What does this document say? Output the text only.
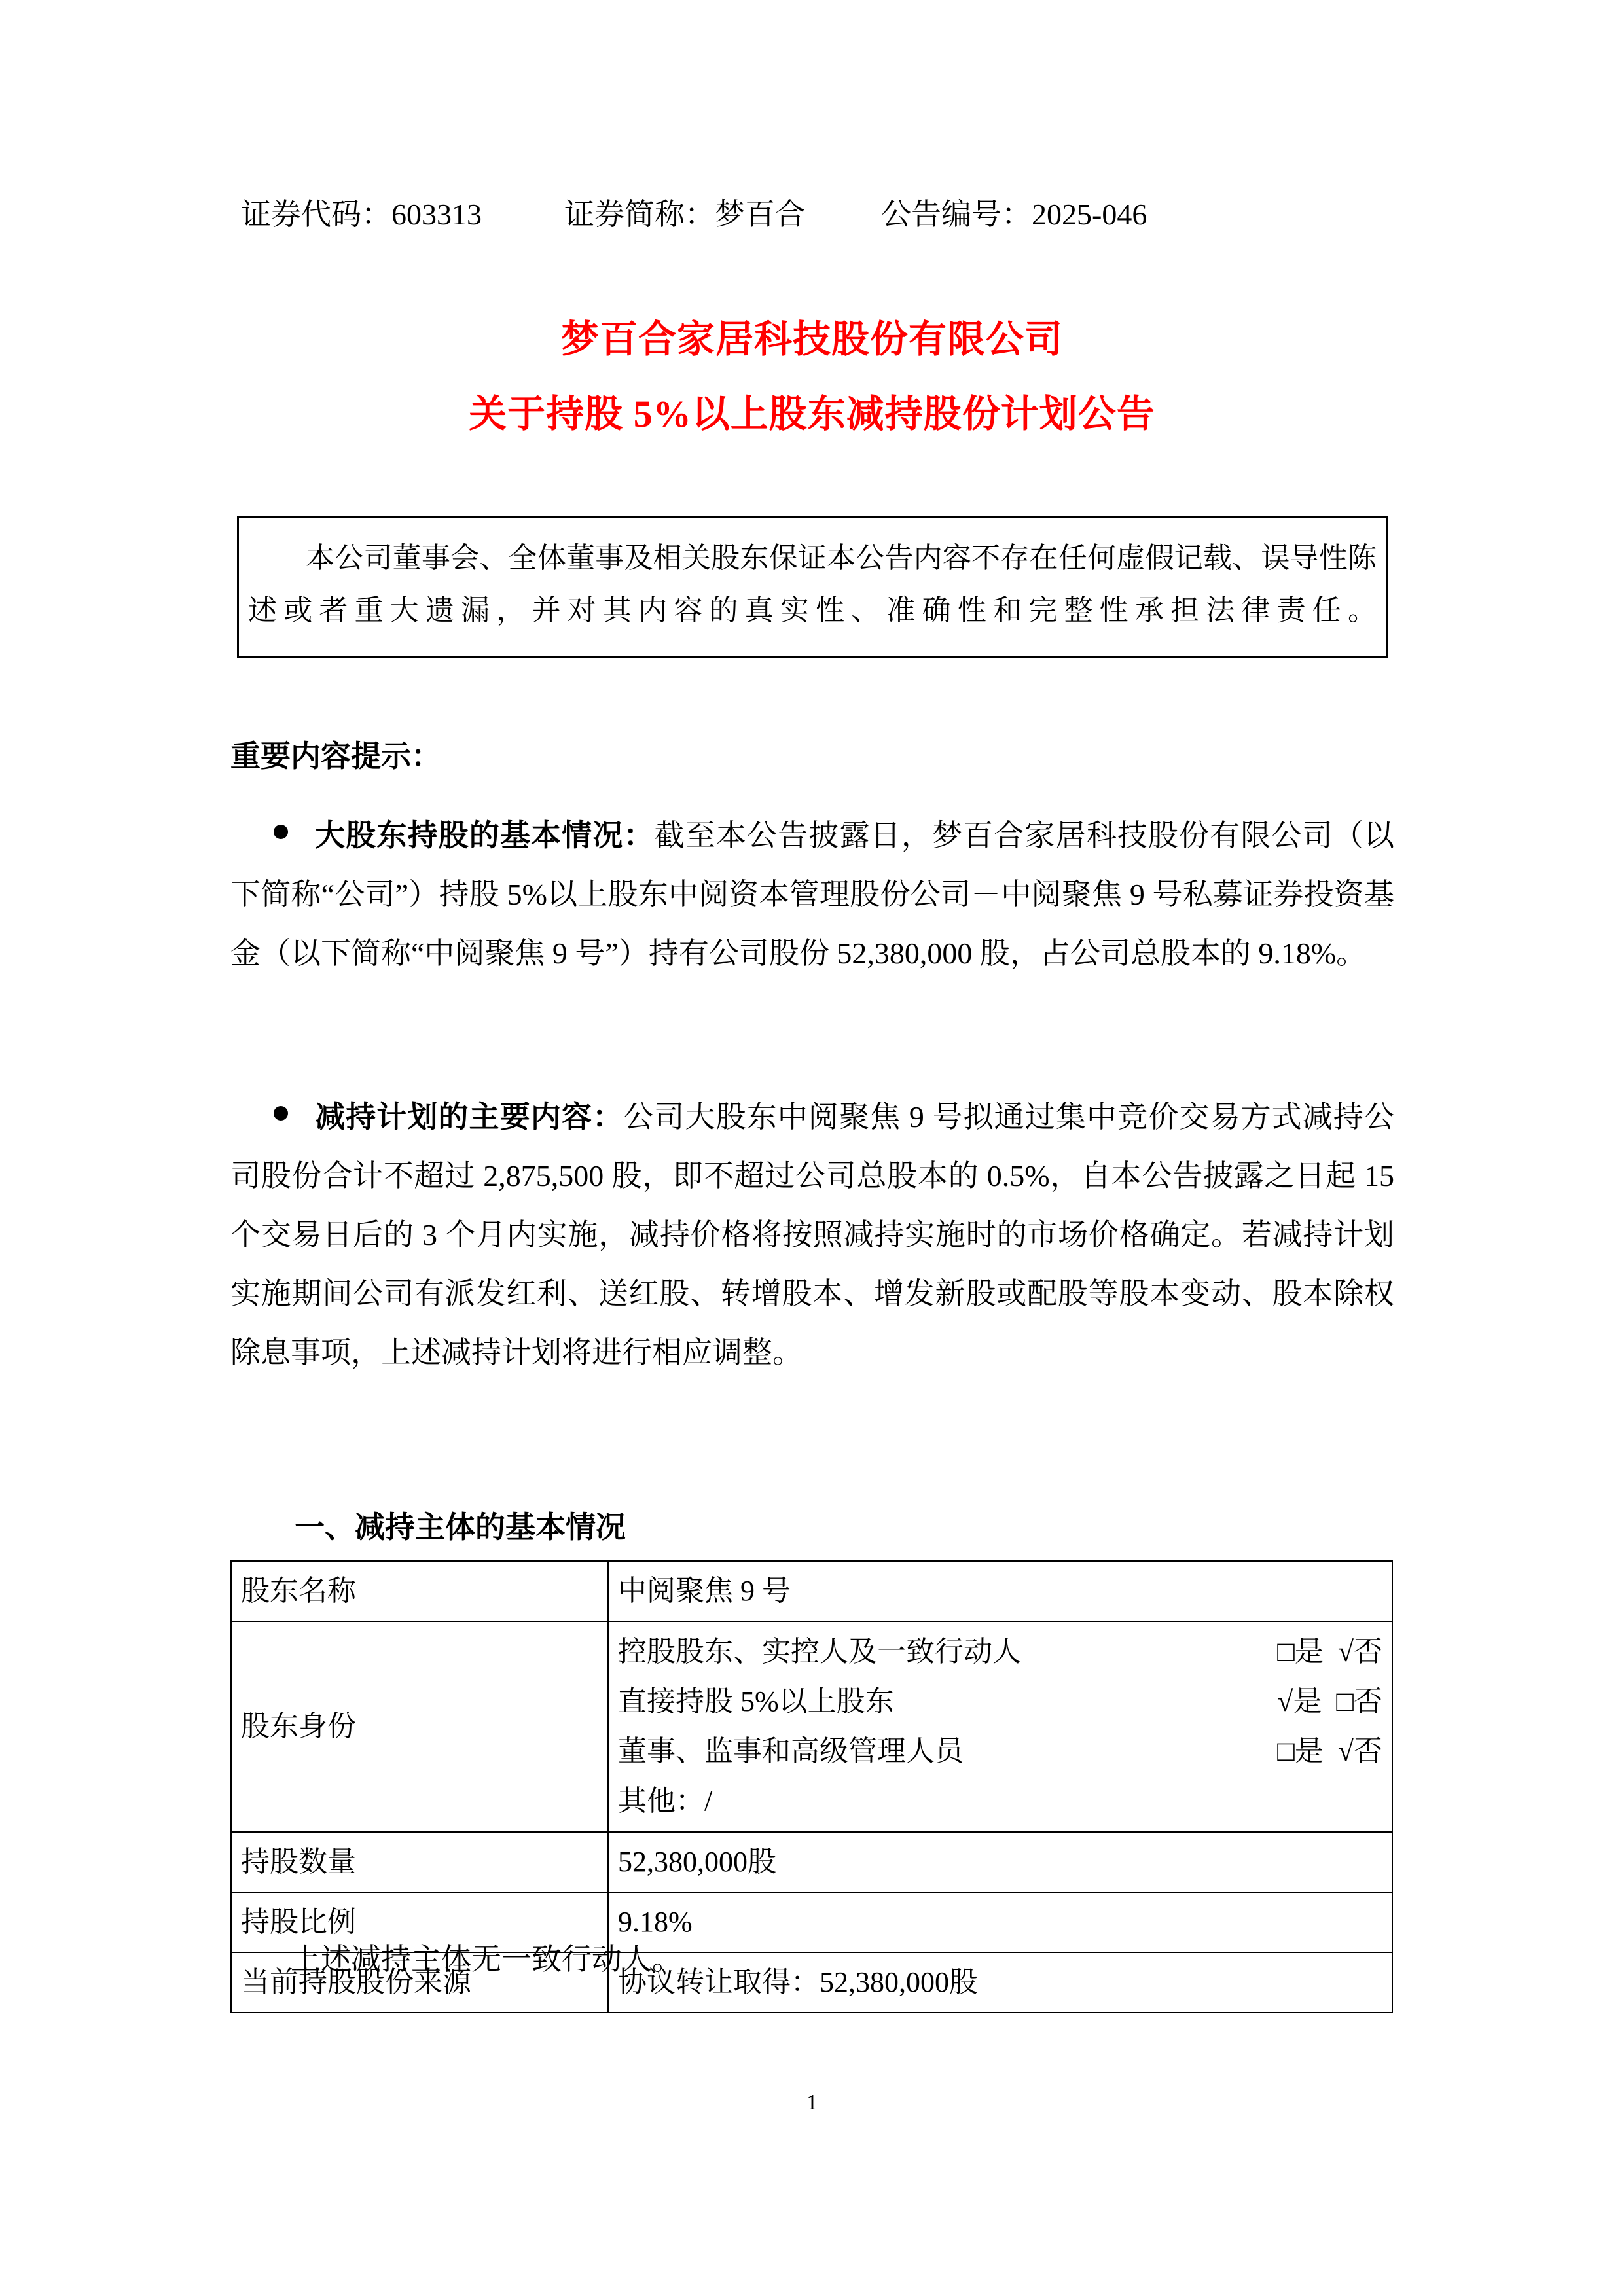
证券代码：603313	证券简称：梦百合	公告编号：2025-046
梦百合家居科技股份有限公司
关于持股 5%以上股东减持股份计划公告
本公司董事会、全体董事及相关股东保证本公告内容不存在任何虚假记载、误导性陈述或者重大遗漏，并对其内容的真实性、准确性和完整性承担法律责任。
重要内容提示：
大股东持股的基本情况：截至本公告披露日，梦百合家居科技股份有限公司（以下简称“公司”）持股 5%以上股东中阅资本管理股份公司－中阅聚焦 9 号私募证券投资基金（以下简称“中阅聚焦 9 号”）持有公司股份 52,380,000 股，占公司总股本的 9.18%。
减持计划的主要内容：公司大股东中阅聚焦 9 号拟通过集中竞价交易方式减持公司股份合计不超过 2,875,500 股，即不超过公司总股本的 0.5%，自本公告披露之日起 15 个交易日后的 3 个月内实施，减持价格将按照减持实施时的市场价格确定。若减持计划实施期间公司有派发红利、送红股、转增股本、增发新股或配股等股本变动、股本除权除息事项，上述减持计划将进行相应调整。
一、减持主体的基本情况
股东名称	中阅聚焦 9 号
股东身份	
控股股东、实控人及一致行动人	□是 √否
直接持股 5%以上股东	√是 □否
董事、监事和高级管理人员	□是 √否
其他：/

持股数量	52,380,000股
持股比例	9.18%
当前持股股份来源	协议转让取得：52,380,000股
上述减持主体无一致行动人。
1
